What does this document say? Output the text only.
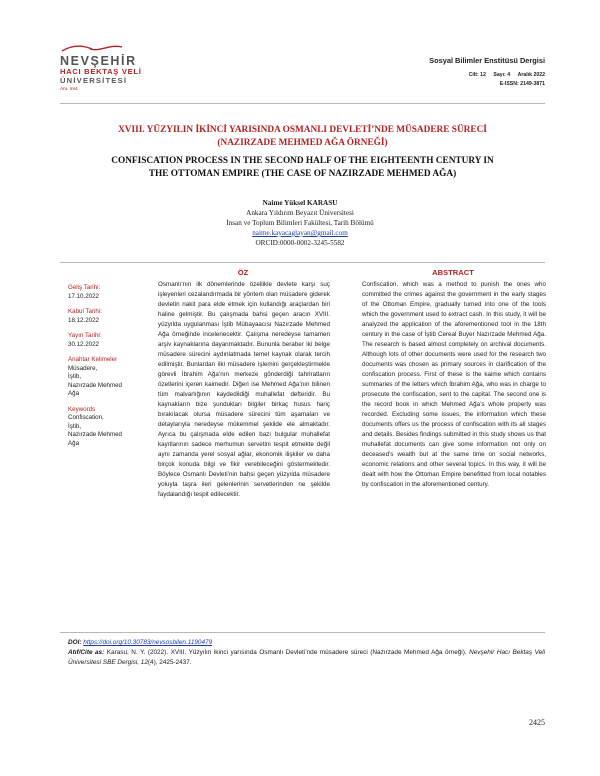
NEVŞEHİR
HACI BEKTAŞ VELİ
ÜNİVERSİTESİ
Aru. Inst.
Sosyal Bilimler Enstitüsü Dergisi
Cilt: 12 Sayı: 4 Aralık 2022
E-ISSN: 2149-3871
XVIII. YÜZYILIN İKİNCİ YARISINDA OSMANLI DEVLETİ’NDE MÜSADERE SÜRECİ
(NAZIRZADE MEHMED AĞA ÖRNEĞİ)
CONFISCATION PROCESS IN THE SECOND HALF OF THE EIGHTEENTH CENTURY IN
THE OTTOMAN EMPIRE (THE CASE OF NAZIRZADE MEHMED AĞA)
Naime Yüksel KARASU
Ankara Yıldırım Beyazıt Üniversitesi
İnsan ve Toplum Bilimleri Fakültesi, Tarih Bölümü
naime.kayacaglayan@gmail.com
ORCID:0000-0002-3245-5582
ÖZ	ABSTRACT
Geliş Tarihi:
17.10.2022
Kabul Tarihi:
18.12.2022
Yayın Tarihi:
30.12.2022
Anahtar Kelimeler
Müsadere,
İştib,
Nazırzade Mehmed
Ağa
Keywords
Confiscation,
İştib,
Nazırzade Mehmed
Ağa
Osmanlı’nın ilk dönemlerinde özellikle devlete karşı suç işleyenleri cezalandırmada bir yöntem olan müsadere giderek devletin nakit para elde etmek için kullandığı araçlardan biri haline gelmiştir. Bu çalışmada bahsi geçen aracın XVIII. yüzyılda uygulanması İştib Mübayaacısı Nazırzade Mehmed Ağa örneğinde incelenecektir. Çalışma neredeyse tamamen arşiv kaynaklarına dayanmaktadır. Bununla beraber iki belge müsadere sürecini aydınlatmada temel kaynak olarak tercih edilmiştir. Bunlardan ilki müsadere işlemini gerçekleştirmekle görevli İbrahim Ağa’nın merkeze gönderdiği tahriratların özetlerini içeren kaimedir. Diğeri ise Mehmed Ağa’nın bilinen tüm malvarlığının kaydedildiği muhallefat defteridir. Bu kaynakların bize şundukları bilgiler birkaç husus hariç bırakılacak olursa müsadere sürecini tüm aşamaları ve detaylarıyla neredeyse mükemmel şekilde ele almaktadır. Ayrıca bu çalışmada elde edilen bazı bulgular muhallefat kayıtlarının sadece merhumun servetini tespit etmekte değil aynı zamanda yerel sosyal ağlar, ekonomik ilişkiler ve daha birçok konuda bilgi ve fikir verebileceğini göstermektedir. Böylece Osmanlı Devleti’nin bahsi geçen yüzyılda müsadere yoluyla taşra ileri gelenlerinin servetlerinden ne şekilde faydalandığı tespit edilecektir.
Confiscation, which was a method to punish the ones who committed the crimes against the government in the early stages of the Ottoman Empire, gradually turned into one of the tools which the government used to extract cash. In this study, it will be analyzed the application of the aforementioned tool in the 18th century in the case of İştib Cereal Buyer Nazırzade Mehmed Ağa. The research is based almost completely on archival documents. Although lots of other documents were used for the research two documents was chosen as primary sources in clarification of the confiscation process. First of these is the kaime which contains summaries of the letters which İbrahim Ağa, who was in charge to prosecute the confiscation, sent to the capital. The second one is the record book in which Mehmed Ağa’s whole property was recorded. Excluding some issues, the information which these documents offers us the process of confiscation with its all stages and details. Besides findings submitted in this study shows us that muhallefat documents can give some information not only on deceased’s wealth but at the same time on social networks, economic relations and other several topics. In this way, it will be dealt with how the Ottoman Empire benefitted from local notables by confiscation in the aforementioned century.
DOI: https://doi.org/10.30783/nevsosbilen.1190479
Atıf/Cite as: Karasu, N. Y. (2022). XVIII. Yüzyılın ikinci yarısında Osmanlı Devleti’nde müsadere süreci (Nazırzade Mehmed Ağa örneği). Nevşehir Hacı Bektaş Veli Üniversitesi SBE Dergisi, 12(4), 2425-2437.
2425
